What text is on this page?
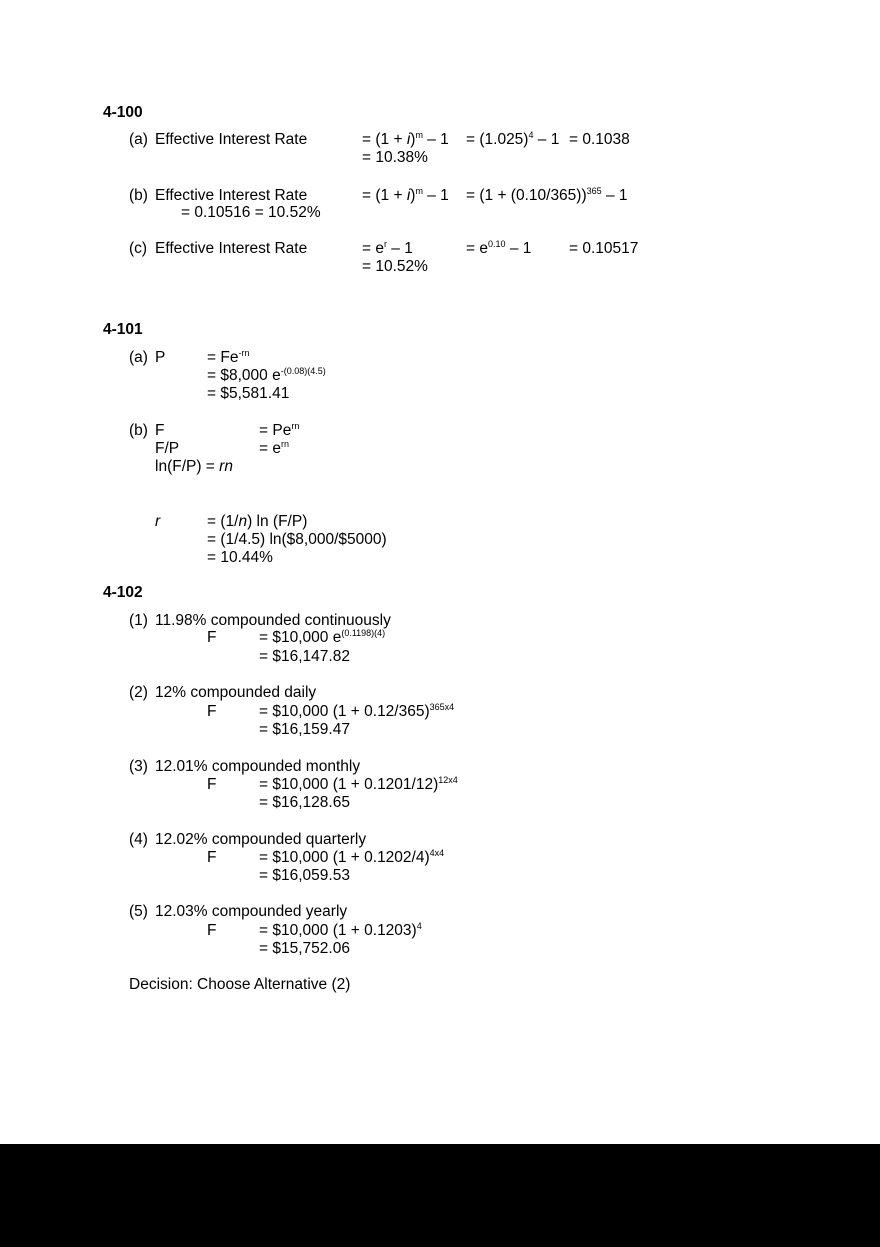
4-100
(a) Effective Interest Rate	= $(1 + i)^m - 1 = (1.025)^4 - 1 = 0.1038$
= 10.38%
(b) Effective Interest Rate	= $(1 + i)^m - 1 = (1 + (0.10/365))^{365} - 1$
= 0.10516 = 10.52%
(c) Effective Interest Rate	= $e^r - 1$	= $e^{0.10} - 1 = 0.10517$
= 10.52%
4-101
(a) P	= $Fe^{-rn}$
= $8,000 $e^{-(0.08)(4.5)}$
= $5,581.41
(b) F	= $Pe^{rn}$
F/P	= $e^{rn}$
ln(F/P) = rn
r	= (1/n) ln (F/P)
= (1/4.5) ln($8,000/$5000)
= 10.44%
4-102
(1) 11.98% compounded continuously
F	= $10,000 $e^{(0.1198)(4)}$
= $16,147.82
(2) 12% compounded daily
F	= $10,000 $(1 + 0.12/365)^{365x4}$
= $16,159.47
(3) 12.01% compounded monthly
F	= $10,000 $(1 + 0.1201/12)^{12x4}$
= $16,128.65
(4) 12.02% compounded quarterly
F	= $10,000 $(1 + 0.1202/4)^{4x4}$
= $16,059.53
(5) 12.03% compounded yearly
F	= $10,000 $(1 + 0.1203)^4$
= $15,752.06
Decision: Choose Alternative (2)
